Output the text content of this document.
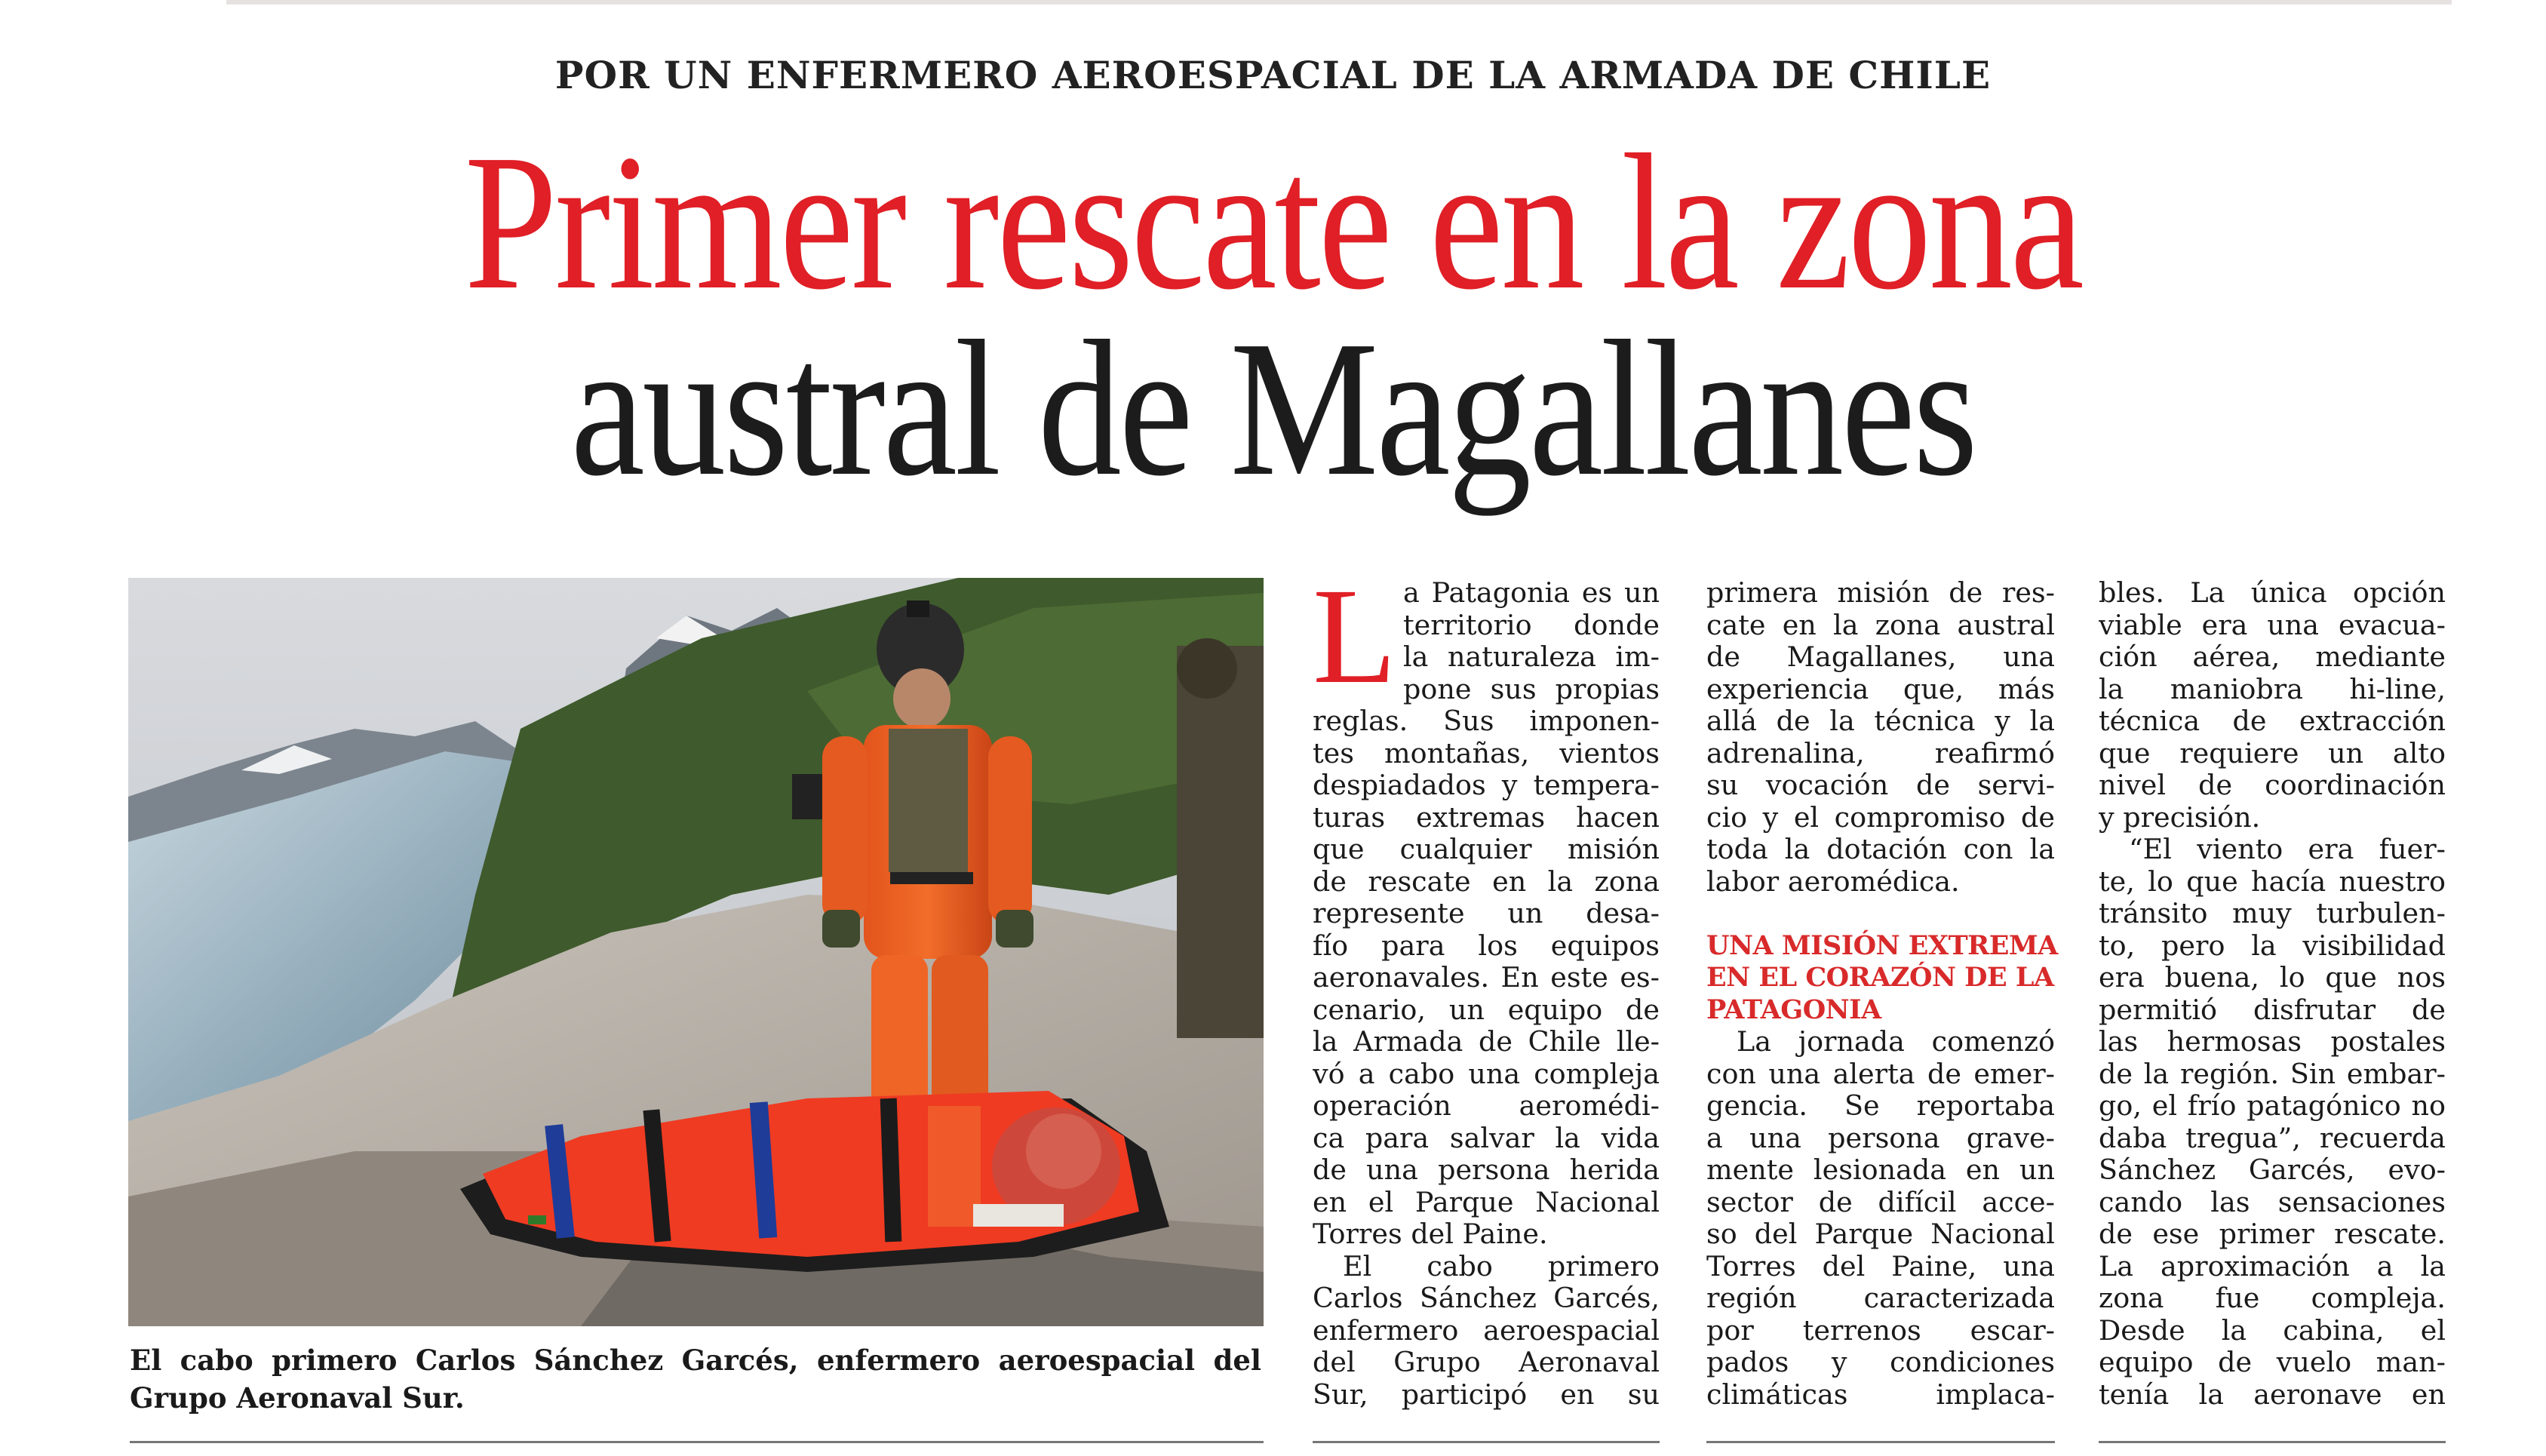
POR UN ENFERMERO AEROESPACIAL DE LA ARMADA DE CHILE
Primer rescate en la zona
austral de Magallanes
El cabo primero Carlos Sánchez Garcés, enfermero aeroespacial del Grupo Aeronaval Sur.
L a Patagonia es un
territorio donde
la naturaleza im-
pone sus propias
reglas. Sus imponen-
tes montañas, vientos
despiadados y tempera-
turas extremas hacen
que cualquier misión
de rescate en la zona
represente un desa-
fío para los equipos
aeronavales. En este es-
cenario, un equipo de
la Armada de Chile lle-
vó a cabo una compleja
operación aeromédi-
ca para salvar la vida
de una persona herida
en el Parque Nacional
Torres del Paine.
El cabo primero
Carlos Sánchez Garcés,
enfermero aeroespacial
del Grupo Aeronaval
Sur, participó en su
primera misión de res-
cate en la zona austral
de Magallanes, una
experiencia que, más
allá de la técnica y la
adrenalina, reafirmó
su vocación de servi-
cio y el compromiso de
toda la dotación con la
labor aeromédica.
UNA MISIÓN EXTREMA
EN EL CORAZÓN DE LA
PATAGONIA
La jornada comenzó
con una alerta de emer-
gencia. Se reportaba
a una persona grave-
mente lesionada en un
sector de difícil acce-
so del Parque Nacional
Torres del Paine, una
región caracterizada
por terrenos escar-
pados y condiciones
climáticas implaca-
bles. La única opción
viable era una evacua-
ción aérea, mediante
la maniobra hi-line,
técnica de extracción
que requiere un alto
nivel de coordinación
y precisión.
“El viento era fuer-
te, lo que hacía nuestro
tránsito muy turbulen-
to, pero la visibilidad
era buena, lo que nos
permitió disfrutar de
las hermosas postales
de la región. Sin embar-
go, el frío patagónico no
daba tregua”, recuerda
Sánchez Garcés, evo-
cando las sensaciones
de ese primer rescate.
La aproximación a la
zona fue compleja.
Desde la cabina, el
equipo de vuelo man-
tenía la aeronave en
